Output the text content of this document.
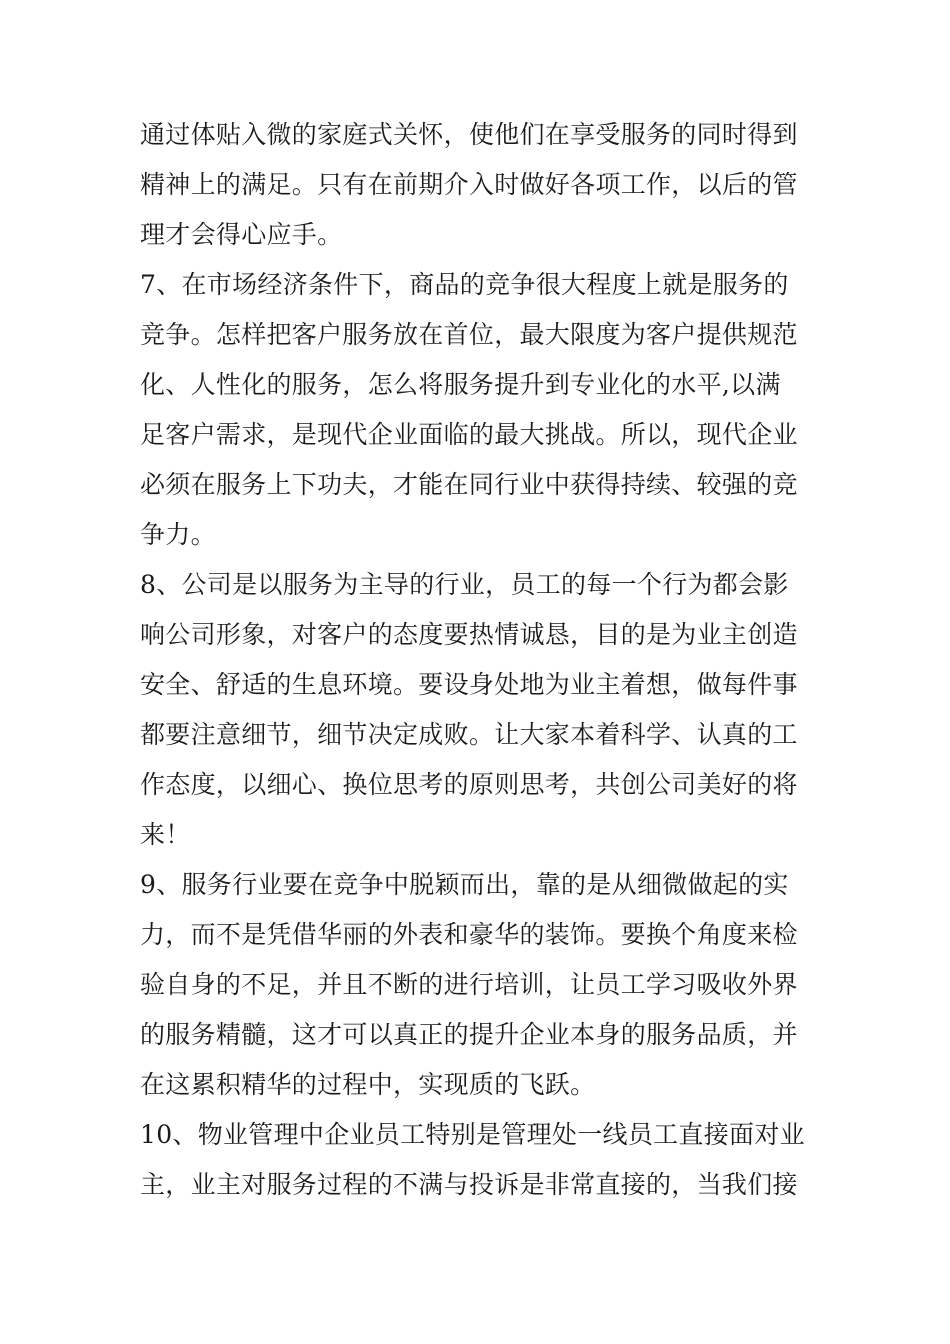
通过体贴入微的家庭式关怀，使他们在享受服务的同时得到
精神上的满足。只有在前期介入时做好各项工作，以后的管
理才会得心应手。
7、在市场经济条件下，商品的竞争很大程度上就是服务的
竞争。怎样把客户服务放在首位，最大限度为客户提供规范
化、人性化的服务，怎么将服务提升到专业化的水平,以满
足客户需求，是现代企业面临的最大挑战。所以，现代企业
必须在服务上下功夫，才能在同行业中获得持续、较强的竞
争力。
8、公司是以服务为主导的行业，员工的每一个行为都会影
响公司形象，对客户的态度要热情诚恳，目的是为业主创造
安全、舒适的生息环境。要设身处地为业主着想，做每件事
都要注意细节，细节决定成败。让大家本着科学、认真的工
作态度，以细心、换位思考的原则思考，共创公司美好的将
来！
9、服务行业要在竞争中脱颖而出，靠的是从细微做起的实
力，而不是凭借华丽的外表和豪华的装饰。要换个角度来检
验自身的不足，并且不断的进行培训，让员工学习吸收外界
的服务精髓，这才可以真正的提升企业本身的服务品质，并
在这累积精华的过程中，实现质的飞跃。
10、物业管理中企业员工特别是管理处一线员工直接面对业
主，业主对服务过程的不满与投诉是非常直接的，当我们接
